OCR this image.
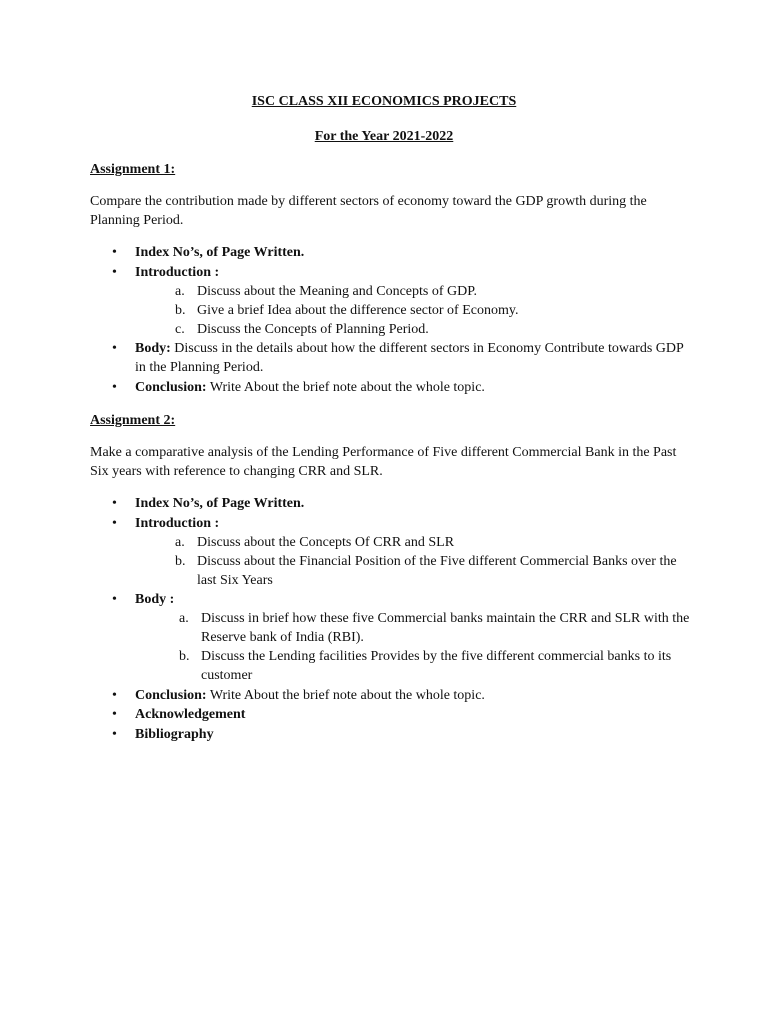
ISC CLASS XII ECONOMICS PROJECTS
For the Year 2021-2022
Assignment 1:
Compare the contribution made by different sectors of economy toward the GDP growth during the Planning Period.
• Index No’s, of Page Written.
• Introduction :
a. Discuss about the Meaning and Concepts of GDP.
b. Give a brief Idea about the difference sector of Economy.
c. Discuss the Concepts of Planning Period.
• Body: Discuss in the details about how the different sectors in Economy Contribute towards GDP in the Planning Period.
• Conclusion: Write About the brief note about the whole topic.
Assignment 2:
Make a comparative analysis of the Lending Performance of Five different Commercial Bank in the Past Six years with reference to changing CRR and SLR.
• Index No’s, of Page Written.
• Introduction :
a. Discuss about the Concepts Of CRR and SLR
b. Discuss about the Financial Position of the Five different Commercial Banks over the last Six Years
• Body :
a. Discuss in brief how these five Commercial banks maintain the CRR and SLR with the Reserve bank of India (RBI).
b. Discuss the Lending facilities Provides by the five different commercial banks to its customer
• Conclusion: Write About the brief note about the whole topic.
• Acknowledgement
• Bibliography
